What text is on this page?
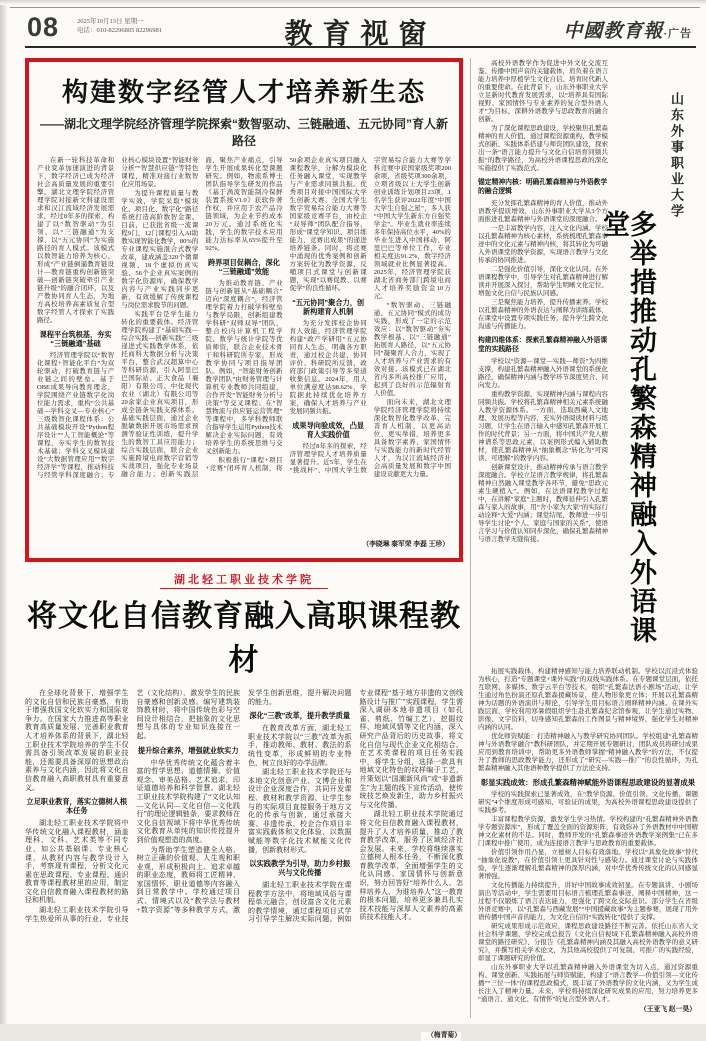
08	2025年10月13日 星期一
电话：010-82296805 82296981	教育视窗	中國教育報·广告
构建数字经管人才培养新生态
——湖北文理学院经济管理学院探索“数智驱动、三链融通、五元协同”育人新路径
在新一轮科技革命和产业变革加速演进的背景下，数字经济已成为经济社会高质量发展的重要引擎。湖北文理学院经济管理学院对接新文科建设需求和汉江流域经济发展需求，经过8年多的探索，构建了以“数智驱动”为引领、以“三链融通”为支撑、以“五元协同”为实施路径的育人模式。该模式以数智能力培养为核心，形成“产业链倒逼教育链设计—教育链重构创新链突破—创新链突破牵引产业链升级”的融合闭环，以及产教协同育人生态，为地方高校培养高素质复合型数字经管人才探索了实践路径。
课程平台筑根基，夯实“三链融通”基础
经济管理学院以“数智化课程+智能化平台”为双轮驱动，打破教育链与产业链之间的壁垒。基于OBE成果导向教育理念，学院围绕产业链数字化岗位能力需求，重构“公共基础—学科交叉—专业核心”三级数智化课程体系：公共基础模块开设“Python程序设计”“人工智能概论”等课程，夯实学生的数智技术基础；学科交叉模块建设“大数据管理应用”“数字经济学”等课程，推动科技与经管学科深度融合；专业核心模块设置“智能财务分析”“智慧供应链”等特色课程，精准对接行业数智化应用场景。
为提升课程质量与教学实效，学院采取“模块化、项目化、数字化”路径系统打造高阶数智金课。目前，已获批省级一流课程9门，12门课程引入AI助教实现智能化教学，80%的专业课程实施混合式教学改革，建成涵盖320个微课视频、18个虚拟仿真实验、56个企业真实案例的数字化资源库，确保教学内容与产业实践同步更新，有效缓解了传统课程与岗位需求脱节的问题。
实践平台是学生能力转化的重要载体。经济管理学院构建了“基础实践—综合实践—创新实践”三级递进式实践教学体系，依托商科大数据分析与决策平台，整合武汉超算中心等科研资源，引入阿里巴巴国际站、正大食品（襄阳）有限公司、中化现代农业（湖北）有限公司等20余家企业真实项目，形成全链条实践支撑体系。基础实践层面，通过企业脱敏数据开展市场需求预测等验证性训练，提升学生的数智工具应用能力；综合实践层面，联合企业实施跨境电商数字营销等实战项目，强化专业场景融合能力；创新实践层面，聚焦产业痛点，引导学生开展成果转化型课题研究。例如，物流系博士团队指导学生研发的作品《基于涡流智能制冷保鲜装置系统V1.0》获软件著作权，并应用于农产品冷链领域，为企业节约成本20万元。通过系统化实践，学生的数字技术应用能力达标率从65%提升至92%。
跨界项目促耦合，深化“三链融通”效能
为推动教育链、产业链与创新链从“基础耦合”迈向“深度耦合”，经济管理学院着力打破学科壁垒与教学局限，创新组建教学科研“双师双导”团队，整合校内计算机工程学院、数学与统计学院等优质师资，联合企业技术骨干和科研院所专家，形成教学协同与项目指导团队。例如，“智能财务创新教学团队”由财务管理与计算机专业教师共同组建，合作开发“智能财务分析与决策”等交叉课程；在“智慧物流与供应链运营管理”等课程中，多学科教师联合指导学生运用Python技术解决企业实际问题，有效培养学生的系统思维与交叉创新能力。
积极推行“课程+项目+竞赛”闭环育人机制，将50余项企业真实项目融入课程教学，分解为模块化任务融入课堂，实现教学与产业需求同频共振。优秀项目对接中国国际大学生创新大赛、全国大学生数字贸易综合能力大赛等国家级竞赛平台，由校企“双导师”团队配合指导，形成“课堂学知识、项目练能力、竞赛出成果”的递进培养链条。同时，将竞赛中涌现的优秀案例和创新方案转化为教学资源，反哺项目式课堂与创新课题，实现“以赛促教、以赛促学”的良性循环。
“五元协同”聚合力，创新构建育人机制
为充分发挥校企协同育人效能，经济管理学院构建“政产学研用”五元协同育人生态，明确各方职责，通过校企共建、协同评价、科研院所反馈、政府部门政策引导等多渠道收集信息。2024年，用人单位满意度达98.62%，学院据此持续优化培养方案，确保人才培养与产业发展同频共振。
成果导向验成效，凸显育人实践价值
经过8年多的探索，经济管理学院人才培养质量显著提升。近5年，学生在“挑战杯”、中国大学生数字贸易综合能力大赛等学科竞赛中获国家级奖项200余项、省级奖项300余项，立项省级以上大学生创新创业训练计划项目23项，1名学生获评2022年度“中国大学生自强之星”，多人获“中国大学生新东方自强奖学金”。毕业生就业率连续多年保持高位水平，40%的毕业生进入中国移动、阿里巴巴等单位工作，专业相关度达91.2%，数字经济领域就业比例显著提高。2025年，经济管理学院获湖北省商务部门跨境电商人才培养奖励资金10万元。
“数智驱动、三链融通、五元协同”模式的成功实践，形成了一定的示范效应：以“数智驱动”夯实教学根基、以“三链融通”拓展育人路径、以“五元协同”凝聚育人合力，实现了人才培养与产业需求的有效对接。该模式已在湖北省内多所高校推广应用，起到了良好的示范辐射育人价值。
面向未来，湖北文理学院经济管理学院将持续深化数智化教学改革，完善育人机制，以更高站位、更实举措，培养更多具备数字素养、家国情怀与实践能力的新时代经管人才，为汉江流域经济社会高质量发展和数字中国建设贡献更大力量。
（李晓琳 秦军荣 李磊 王珍）
湖北轻工职业技术学院
将文化自信教育融入高职课程教材
在全球化背景下，增强学生的文化自信和民族自豪感，有助于增强我国文化软实力和国际竞争力。在国家大力推进高等职业教育高质量发展、完善职业教育人才培养体系的背景下，湖北轻工职业技术学院培养的学生不仅需具备引领改革发展的职业技能，还需要具备深厚的思想政治素养与文化内涵，因此将文化自信教育融入高职教材具有重要意义。
立足职业教育，落实立德树人根本任务
湖北轻工职业技术学院将中华传统文化融入课程教材，涵盖理科、文科、艺术类等不同专业，如公共基础课、专业核心课，从教材内容与教学设计入手，考察现有课程，分析文化元素在思政课程、专业课程、通识教育等课程教材里的应用，制定文化自信教育融入课程教材的路径和机制。
湖北轻工职业技术学院引导学生热爱所从事的行业、专业技艺（文化结构），激发学生的民族自豪感和创新灵感。编写建筑装饰教材时，将中国传统色彩与空间设计相结合，把抽象的文化思想与具体的专业知识连接在一起。
提升综合素养，增强就业软实力
中华优秀传统文化蕴含着丰富的哲学思想、道德情操、价值观念、审美品格、艺术追求，印证道德培养和科学智慧。湖北轻工职业技术学院构建了“文化认知—文化认同—文化自信—文化践行”的理论逻辑链条，要求教师在文化自信视域下将中华优秀传统文化教育从单纯的知识传授提升到价值观塑造的高度。
为帮助学生塑造健全人格、树立正确的价值观、人生观和职业观，形成积极向上、追求卓越的职业态度，教师将工匠精神、家国情怀、职业道德等内容融入到日常教学中。学校通过项目式、情境式以及“教学法与教材+数字资源”等多种教学方式，激发学生创新思维，提升解决问题的能力。
深化“三教”改革，提升教学质量
在教育改革方面，湖北轻工职业技术学院以“三教”改革为抓手，推动教师、教材、教法的系统性变革，形成鲜明的专业特色，树立良好的办学品牌。
湖北轻工职业技术学院还与本地文化创意产业、文博企业和设计企业深度合作，共同开发课程、教材和教学资源，让学生参与的实际项目直接服务于地方文化的传承与创新，通过承接大赛、非遗传承、校企合作项目丰富实践载体和文化体验，以数据赋能等数字化技术赋能文化传播，创新教材形式。
以实践教学为引导，助力乡村振兴与文化传播
湖北轻工职业技术学院在课程教学方法中，将地域风俗与课程单元融合，创设富含文化元素的教学情境，通过课程项目式学习引导学生解决实际问题。例如专业课程“基于地方非遗的文创线路设计与推广”实践课程，学生需深入调研本地非遗项目（如孔雀、剪纸、竹编工艺），挖掘纹样、地域风情等文化内涵，深入研究产品背后的历史故事，将文化自信与现代企业文化相结合。在艺术类课程的项目任务实践中，将学生分组，选择一款具有地域文化特色的纹样编于工艺，并策划以“国潮新风尚”或“非遗新生”为主题的线下宣传活动，使传统技艺焕发新生，助力乡村振兴与文化传播。
湖北轻工职业技术学院通过将文化自信教育融入课程教材，提升了人才培养质量，推动了教育教学改革，服务了区域经济社会发展。未来，学校将继续落实立德树人根本任务，不断深化教育教学改革，全面增强学生的文化认同感、家国情怀与创新意识，努力回答好“培养什么人、怎样培养人、为谁培养人”这一教育的根本问题，培养更多兼具扎实技术技能与深厚人文素养的高素质技术技能人才。
（梅青菊）
高校外语教学作为促进中外文化交流互鉴、传播中国声音的关键载体，肩负着在语言能力培养中厚植学生文化自信、培育时代新人的重要使命。在此背景下，山东外事职业大学立足新时代教育发展需求，以“培养具有国际视野、家国情怀与专业素养的复合型外语人才”为目标，深耕外语教学与思政教育的融合创新。
为了深化课程思政建设，学校聚焦孔繁森精神的育人价值，通过课程资源重构、教学模式创新、实践体系搭建与师资团队建设，探索出一条“语言能力提升与文化自信培育同频共振”的教学路径，为高校外语课程思政的深化实施提供了实践范式。
锚定精神内核：明确孔繁森精神与外语教学的融合逻辑
充分发挥孔繁森精神的育人价值，推动外语教学提质增效，山东外事职业大学从3个方面推进孔繁森精神与外语课堂的深度融合。
一是丰富教学内容，注入文化内涵。学校以孔繁森精神为核心素材，系统梳理孔繁森事迹中的文化元素与精神内核，将其转化为可融入外语课堂的教学资源，实现语言教学与文化传承的协同推进。
二是强化价值引导，深化文化认同。在外语课程教学中，引导学生对孔繁森精神进行解读并开展深入探讨，帮助学生明晰文化定位、增强文化自信与民族认同感。
三是聚焦能力培养，提升传播素养。学校以孔繁森精神的外语表达与阐释为训练载体，在课堂中设置专项实践任务，提升学生跨文化沟通与传播能力。
构建四维体系：探索孔繁森精神融入外语课堂的实践路径
学校以“资源—课堂—实践—师资”为四维支撑，构建孔繁森精神融入外语课堂的系统化路径，确保精神内涵与教学环节深度契合、同向发力。
重构教学资源，实现精神内涵与课程内容同频共振。学校将孔繁森精神相关元素系统融入教学资源体系。一方面，选取西藏人文地理、发展历程等内容，充实外语阅读材料与练习题，让学生在语言输入中感知孔繁森开展工作的时代背景；另一方面，将中国共产党人精神谱系等思政元素，以案例形式编入辅助教材，使孔繁森精神从“抽象概念”转化为“可阅读、可理解”的教学内容。
创新课堂设计，推动精神传承与语言教学深度融合。学校立足语言教学规律，将孔繁森精神自然融入课堂教学各环节，避免“思政元素生硬植入”。例如，在法语课程教学过程中，在讲解“家庭”主题时，教师延伸引入孔繁森与家人的故事，用“舍小家为大家”的实际行动诠释“大爱”内涵；课堂结尾，教师进一步引导学生讨论“个人、家庭与国家的关系”，使语言学习与价值认知同步深化，确保孔繁森精神与语言教学无缝衔接。
山东外事职业大学
多举措推动孔繁森精神融入外语课堂
拓展实践载体，构建精神感知与能力培养联动机制。学校以沉浸式体验为核心，打造“专题课堂+课外实践”的双线实践体系。在专题课堂层面，依托互联网、多媒体、数字云平台等技术，组织“孔繁森法语小剧场”活动，让学生通过角色扮演还原孔繁森援藏场景，使人物形象更立体；开展以孔繁森精神为话题的外语演讲与辩论，引导学生用目标语言阐释精神内涵。在课外实践层面，学校利用寒暑假组织学生赴孔繁森纪念馆参观，让学生通过实物、影像、文字资料，切身感知孔繁森的工作图景与精神境界，强化学生对精神内涵的认同。
优化师资赋能：打造精神融入与教学研究协同团队。学校组建“孔繁森精神与外语教学融合”教科研团队，并定期开展专题研讨，团队成员将研讨成果应用到教育培训中，帮助更多外语教师掌握“精神融入教学”的方法，不仅提升了教师的思政教学能力，还形成了“研究—实践—推广”的良性循环，为孔繁森精神融入其他语种教学提供了方法论支持。
彰显实践成效：形成孔繁森精神赋能外语课程思政建设的显著成果
学校的实践探索已显著成效，在“教学资源、价值引领、文化传播、课题研究”4个维度形成可感知、可验证的成果，为高校外语课程思政建设提供了实践参考。
丰富课程教学资源，激发学生学习热情。学校构建的“孔繁森精神外语教学专题资源库”，形成了覆盖全面的资源矩阵，有效弥补了外语教材中中国精神文化素材的不足。同时，教师开发的“孔繁森事迹外语教学案例集”已在多门课程中推广使用，成为连接语言教学与思政教育的重要载体。
价值引领作用凸显，立德树人目标有效落地。学校以“具象化故事”替代“抽象化说教”，在价值引领上更具针对性与感染力。通过课堂讨论与实践体验，学生逐渐理解孔繁森精神的深厚内涵，对中华优秀传统文化的认同感显著增强。
文化传播能力持续提升，讲好中国故事成效初显。在专题演讲、小剧场演出等活动中，学生需要用目标语言梳理孔繁森事迹、阐释中国精神，这一过程不仅锻炼了语言表达能力，更强化了跨文化交际意识。部分学生在省级外语竞赛中，以“孔繁森与西藏发展”“中国援藏故事”为主题参赛，展现了用外语传播中国声音的能力，为文化自信的“实践转化”提供了支撑。
研究成果形成示范效应，课程思政建设路径不断完善。依托山东省人文社会科学课题，学校完成总报告《文化自信视域下孔繁森精神融入高校外语课堂的路径研究》、分报告《孔繁森精神内涵及其融入高校外语教学的意义研究》，并撰写相关学术论文，为其他高校提供了可复制、可推广的实践经验，彰显了课题研究的价值。
山东外事职业大学以孔繁森精神融入外语课堂为切入点，通过资源重构、课堂创新、实践拓展与师资赋能，构建了“语言教学—价值引领—文化传播”“三位一体”的课程思政模式，既丰富了外语教学的文化内涵，又为学生成长注入了精神力量。未来，学校将持续深化研究成果的应用，努力培养更多“通语言、通文化、有情怀”的复合型外语人才。
（王亚飞 赵一昊）
